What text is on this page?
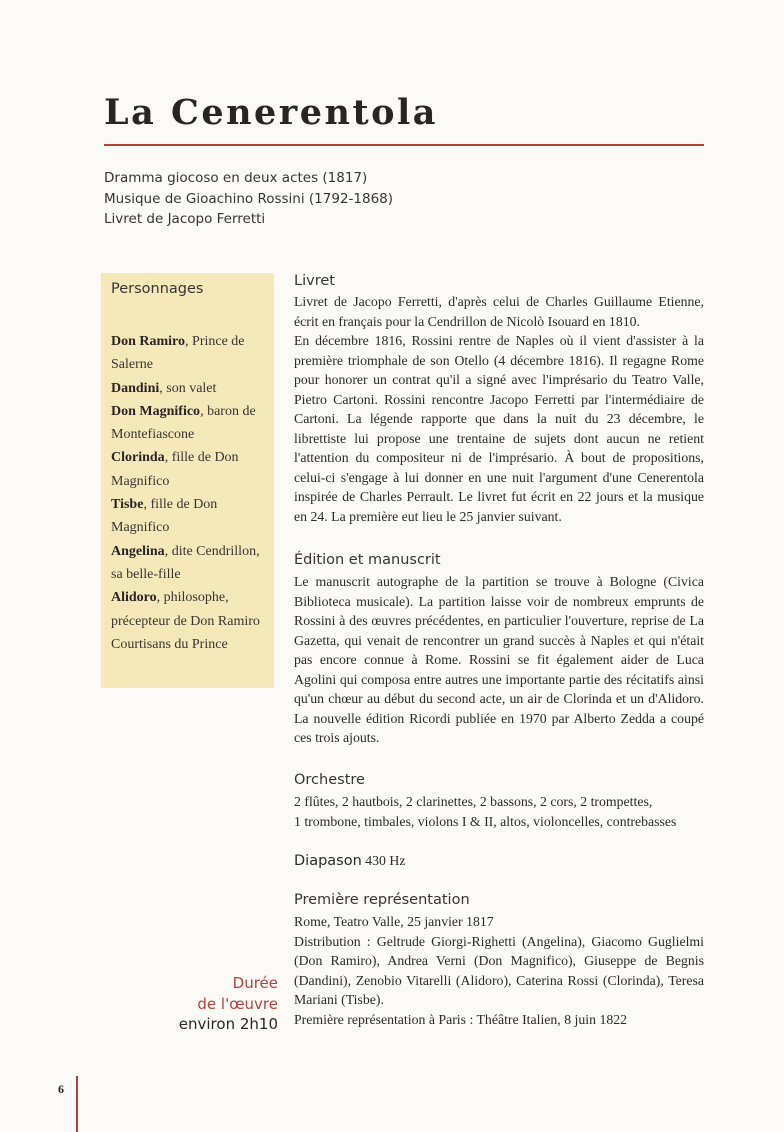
La Cenerentola
Dramma giocoso en deux actes (1817)
Musique de Gioachino Rossini (1792-1868)
Livret de Jacopo Ferretti
Personnages
Don Ramiro, Prince de Salerne
Dandini, son valet
Don Magnifico, baron de Montefiascone
Clorinda, fille de Don Magnifico
Tisbe, fille de Don Magnifico
Angelina, dite Cendrillon, sa belle-fille
Alidoro, philosophe, précepteur de Don Ramiro
Courtisans du Prince
Livret

Livret de Jacopo Ferretti, d'après celui de Charles Guillaume Etienne, écrit en français pour la Cendrillon de Nicolò Isouard en 1810.

En décembre 1816, Rossini rentre de Naples où il vient d'assister à la première triomphale de son Otello (4 décembre 1816). Il regagne Rome pour honorer un contrat qu'il a signé avec l'imprésario du Teatro Valle, Pietro Cartoni. Rossini rencontre Jacopo Ferretti par l'intermédiaire de Cartoni. La légende rapporte que dans la nuit du 23 décembre, le librettiste lui propose une trentaine de sujets dont aucun ne retient l'attention du compositeur ni de l'imprésario. À bout de propositions, celui-ci s'engage à lui donner en une nuit l'argument d'une Cenerentola inspirée de Charles Perrault. Le livret fut écrit en 22 jours et la musique en 24. La première eut lieu le 25 janvier suivant.

Édition et manuscrit

Le manuscrit autographe de la partition se trouve à Bologne (Civica Biblioteca musicale). La partition laisse voir de nombreux emprunts de Rossini à des œuvres précédentes, en particulier l'ouverture, reprise de La Gazetta, qui venait de rencontrer un grand succès à Naples et qui n'était pas encore connue à Rome. Rossini se fit également aider de Luca Agolini qui composa entre autres une importante partie des récitatifs ainsi qu'un chœur au début du second acte, un air de Clorinda et un d'Alidoro. La nouvelle édition Ricordi publiée en 1970 par Alberto Zedda a coupé ces trois ajouts.

Orchestre
2 flûtes, 2 hautbois, 2 clarinettes, 2 bassons, 2 cors, 2 trompettes,
1 trombone, timbales, violons I & II, altos, violoncelles, contrebasses
Diapason 430 Hz
Première représentation

Rome, Teatro Valle, 25 janvier 1817

Distribution : Geltrude Giorgi-Righetti (Angelina), Giacomo Guglielmi (Don Ramiro), Andrea Verni (Don Magnifico), Giuseppe de Begnis (Dandini), Zenobio Vitarelli (Alidoro), Caterina Rossi (Clorinda), Teresa Mariani (Tisbe).

Première représentation à Paris : Théâtre Italien, 8 juin 1822

Durée
de l'œuvre
environ 2h10
6
